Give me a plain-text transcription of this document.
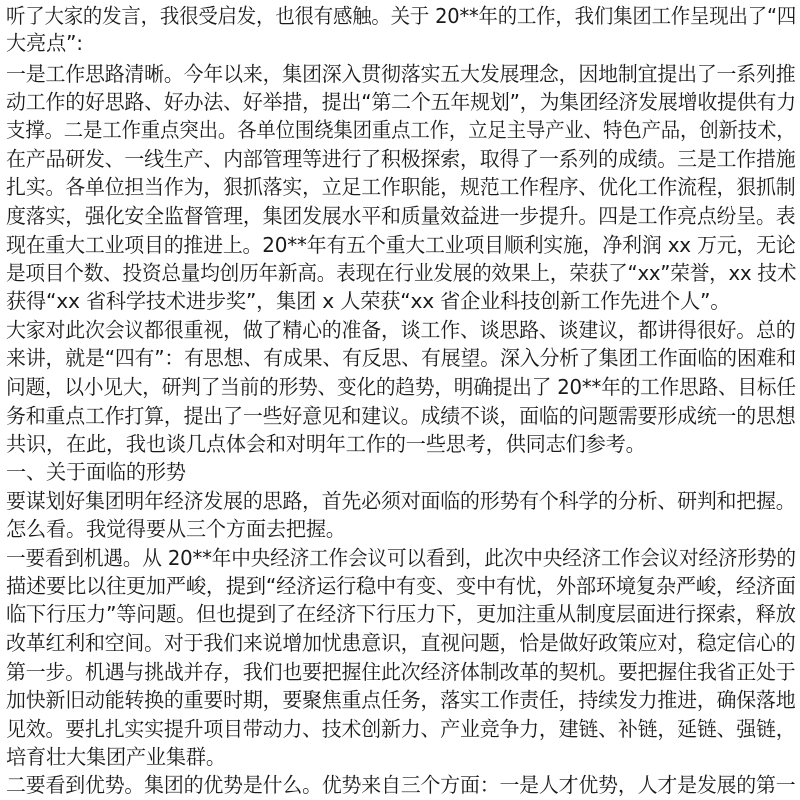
听了大家的发言，我很受启发，也很有感触。关于 20**年的工作，我们集团工作呈现出了“四
大亮点”:
一是工作思路清晰。今年以来，集团深入贯彻落实五大发展理念，因地制宜提出了一系列推
动工作的好思路、好办法、好举措，提出“第二个五年规划”，为集团经济发展增收提供有力
支撑。二是工作重点突出。各单位围绕集团重点工作，立足主导产业、特色产品，创新技术，
在产品研发、一线生产、内部管理等进行了积极探索，取得了一系列的成绩。三是工作措施
扎实。各单位担当作为，狠抓落实，立足工作职能，规范工作程序、优化工作流程，狠抓制
度落实，强化安全监督管理，集团发展水平和质量效益进一步提升。四是工作亮点纷呈。表
现在重大工业项目的推进上。20**年有五个重大工业项目顺利实施，净利润 xx 万元，无论
是项目个数、投资总量均创历年新高。表现在行业发展的效果上，荣获了“xx”荣誉，xx 技术
获得“xx 省科学技术进步奖”，集团 x 人荣获“xx 省企业科技创新工作先进个人”。
大家对此次会议都很重视，做了精心的准备，谈工作、谈思路、谈建议，都讲得很好。总的
来讲，就是“四有”：有思想、有成果、有反思、有展望。深入分析了集团工作面临的困难和
问题，以小见大，研判了当前的形势、变化的趋势，明确提出了 20**年的工作思路、目标任
务和重点工作打算，提出了一些好意见和建议。成绩不谈，面临的问题需要形成统一的思想
共识，在此，我也谈几点体会和对明年工作的一些思考，供同志们参考。
一、关于面临的形势
要谋划好集团明年经济发展的思路，首先必须对面临的形势有个科学的分析、研判和把握。
怎么看。我觉得要从三个方面去把握。
一要看到机遇。从 20**年中央经济工作会议可以看到，此次中央经济工作会议对经济形势的
描述要比以往更加严峻，提到“经济运行稳中有变、变中有忧，外部环境复杂严峻，经济面
临下行压力”等问题。但也提到了在经济下行压力下，更加注重从制度层面进行探索，释放
改革红利和空间。对于我们来说增加忧患意识，直视问题，恰是做好政策应对，稳定信心的
第一步。机遇与挑战并存，我们也要把握住此次经济体制改革的契机。要把握住我省正处于
加快新旧动能转换的重要时期，要聚焦重点任务，落实工作责任，持续发力推进，确保落地
见效。要扎扎实实提升项目带动力、技术创新力、产业竞争力，建链、补链，延链、强链，
培育壮大集团产业集群。
二要看到优势。集团的优势是什么。优势来自三个方面：一是人才优势，人才是发展的第一
